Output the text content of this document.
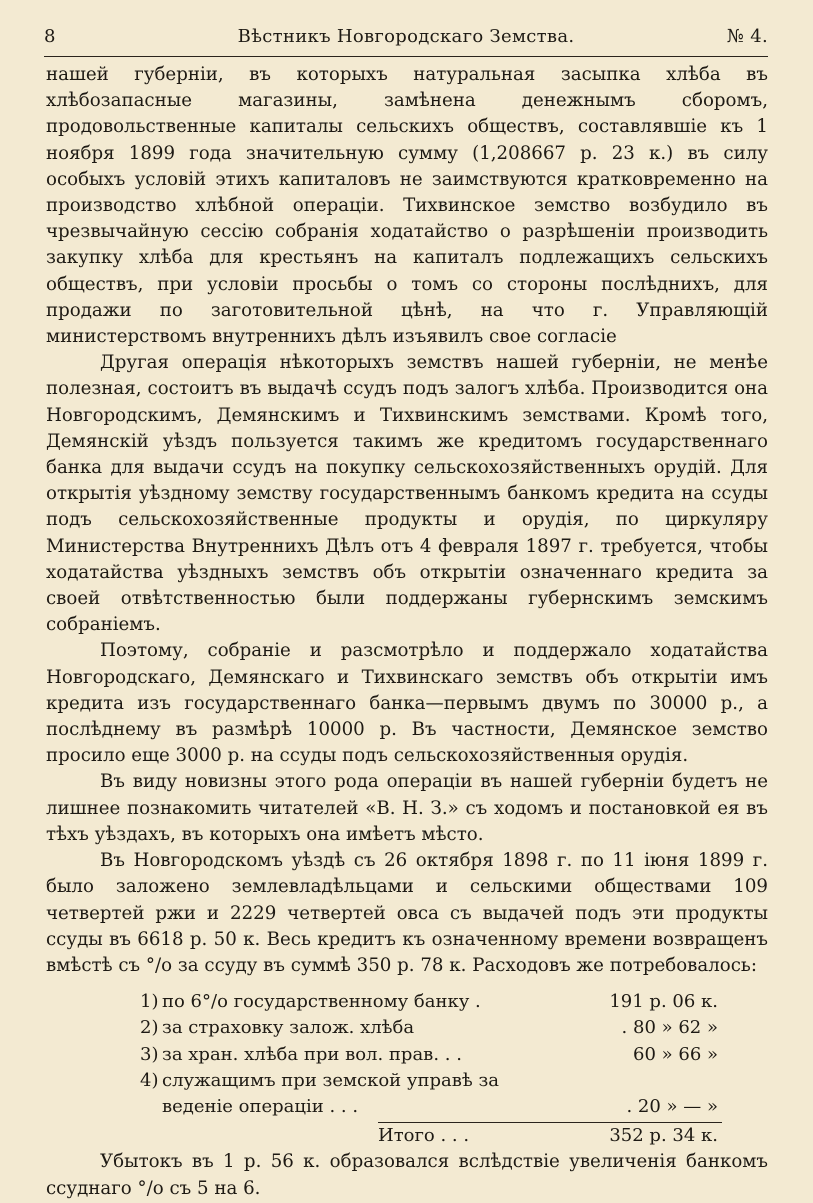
8	Вѣстникъ Новгородскаго Земства.	№ 4.

нашей губерніи, въ которыхъ натуральная засыпка хлѣба въ хлѣбозапасные магазины, замѣнена денежнымъ сборомъ, продовольственные капиталы сельскихъ обществъ, составлявшіе къ 1 ноября 1899 года значительную сумму (1,208667 р. 23 к.) въ силу особыхъ условій этихъ капиталовъ не заимствуются кратковременно на производство хлѣбной операціи. Тихвинское земство возбудило въ чрезвычайную сессію собранія ходатайство о разрѣшеніи производить закупку хлѣба для крестьянъ на капиталъ подлежащихъ сельскихъ обществъ, при условіи просьбы о томъ со стороны послѣднихъ, для продажи по заготовительной цѣнѣ, на что г. Управляющій министерствомъ внутреннихъ дѣлъ изъявилъ свое согласіе

Другая операція нѣкоторыхъ земствъ нашей губерніи, не менѣе полезная, состоитъ въ выдачѣ ссудъ подъ залогъ хлѣба. Производится она Новгородскимъ, Демянскимъ и Тихвинскимъ земствами. Кромѣ того, Демянскій уѣздъ пользуется такимъ же кредитомъ государственнаго банка для выдачи ссудъ на покупку сельскохозяйственныхъ орудій. Для открытія уѣздному земству государственнымъ банкомъ кредита на ссуды подъ сельскохозяйственные продукты и орудія, по циркуляру Министерства Внутреннихъ Дѣлъ отъ 4 февраля 1897 г. требуется, чтобы ходатайства уѣздныхъ земствъ объ открытіи означеннаго кредита за своей отвѣтственностью были поддержаны губернскимъ земскимъ собраніемъ.

Поэтому, собраніе и разсмотрѣло и поддержало ходатайства Новгородскаго, Демянскаго и Тихвинскаго земствъ объ открытіи имъ кредита изъ государственнаго банка—первымъ двумъ по 30000 р., а послѣднему въ размѣрѣ 10000 р. Въ частности, Демянское земство просило еще 3000 р. на ссуды подъ сельскохозяйственныя орудія.

Въ виду новизны этого рода операціи въ нашей губерніи будетъ не лишнее познакомить читателей «В. Н. З.» съ ходомъ и постановкой ея въ тѣхъ уѣздахъ, въ которыхъ она имѣетъ мѣсто.

Въ Новгородскомъ уѣздѣ съ 26 октября 1898 г. по 11 іюня 1899 г. было заложено землевладѣльцами и сельскими обществами 109 четвертей ржи и 2229 четвертей овса съ выдачей подъ эти продукты ссуды въ 6618 р. 50 к. Весь кредитъ къ означенному времени возвращенъ вмѣстѣ съ °/о за ссуду въ суммѣ 350 р. 78 к. Расходовъ же потребовалось:

1) по 6°/о государственному банку .	191 р. 06 к.
2) за страховку залож. хлѣба	. 80 » 62 »
3) за хран. хлѣба при вол. прав. . .	60 » 66 »
4) служащимъ при земской управѣ за
веденіе операціи . . .	. 20 » — »
Итого . . .	352 р. 34 к.

Убытокъ въ 1 р. 56 к. образовался вслѣдствіе увеличенія банкомъ ссуднаго °/о съ 5 на 6.
